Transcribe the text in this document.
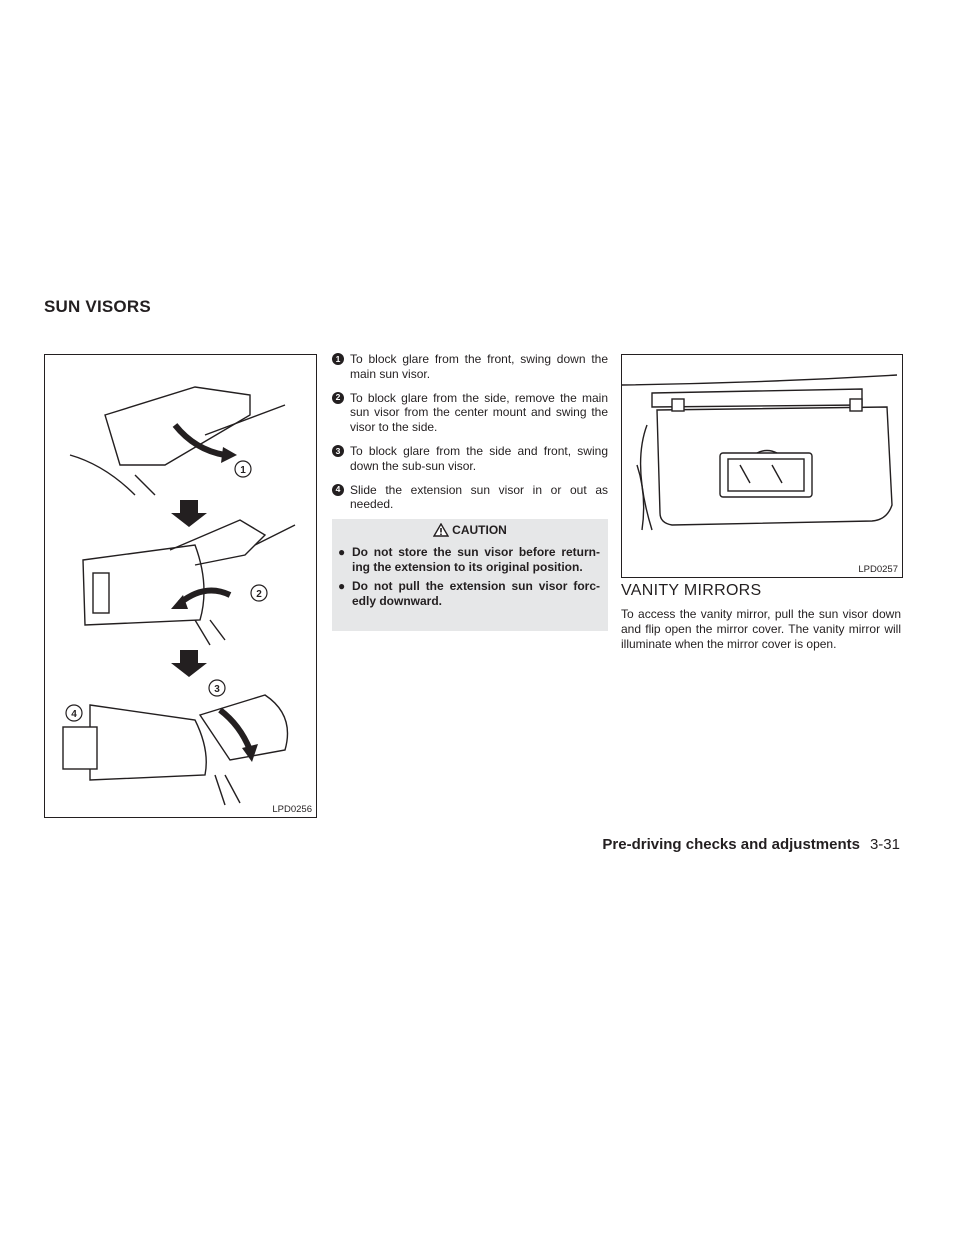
SUN VISORS
1
2
3
4
LPD0256
1 To block glare from the front, swing down the main sun visor.
2 To block glare from the side, remove the main sun visor from the center mount and swing the visor to the side.
3 To block glare from the side and front, swing down the sub-sun visor.
4 Slide the extension sun visor in or out as needed.
CAUTION
● Do not store the sun visor before return-ing the extension to its original position.
● Do not pull the extension sun visor forc-edly downward.
LPD0257
VANITY MIRRORS
To access the vanity mirror, pull the sun visor down and flip open the mirror cover. The vanity mirror will illuminate when the mirror cover is open.
Pre-driving checks and adjustments 3-31
